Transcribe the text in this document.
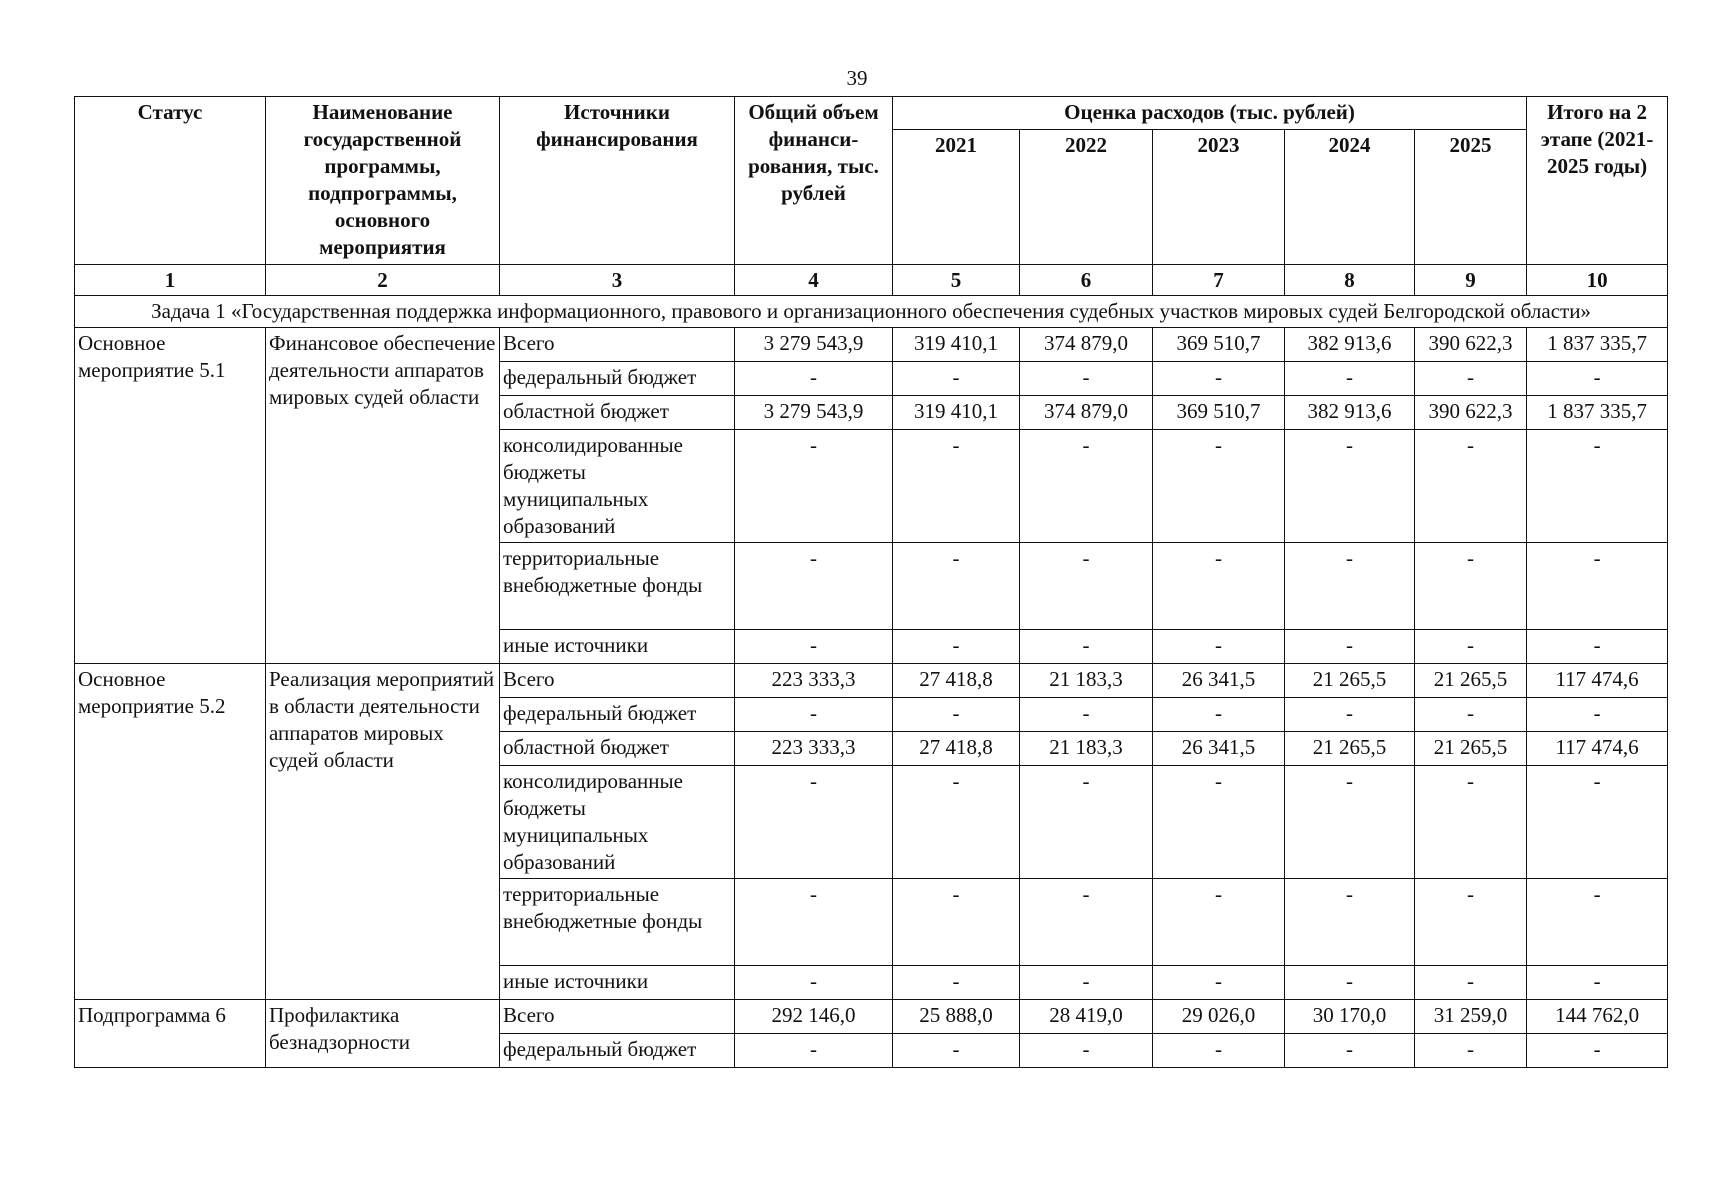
39
Статус	Наименование государственной программы, подпрограммы, основного мероприятия	Источники финансирования	Общий объем финанси-рования, тыс. рублей	Оценка расходов (тыс. рублей)					Итого на 2 этапе (2021-2025 годы)
				2021	2022	2023	2024	2025	
1	2	3	4	5	6	7	8	9	10
Задача 1 «Государственная поддержка информационного, правового и организационного обеспечения судебных участков мировых судей Белгородской области»									
Основное мероприятие 5.1	Финансовое обеспечение деятельности аппаратов мировых судей области	Всего	3 279 543,9	319 410,1	374 879,0	369 510,7	382 913,6	390 622,3	1 837 335,7
		федеральный бюджет	-	-	-	-	-	-	-
		областной бюджет	3 279 543,9	319 410,1	374 879,0	369 510,7	382 913,6	390 622,3	1 837 335,7
		консолидированные бюджеты муниципальных образований	-	-	-	-	-	-	-
		территориальные внебюджетные фонды	-	-	-	-	-	-	-
		иные источники	-	-	-	-	-	-	-
Основное мероприятие 5.2	Реализация мероприятий в области деятельности аппаратов мировых судей области	Всего	223 333,3	27 418,8	21 183,3	26 341,5	21 265,5	21 265,5	117 474,6
		федеральный бюджет	-	-	-	-	-	-	-
		областной бюджет	223 333,3	27 418,8	21 183,3	26 341,5	21 265,5	21 265,5	117 474,6
		консолидированные бюджеты муниципальных образований	-	-	-	-	-	-	-
		территориальные внебюджетные фонды	-	-	-	-	-	-	-
		иные источники	-	-	-	-	-	-	-
Подпрограмма 6	Профилактика безнадзорности	Всего	292 146,0	25 888,0	28 419,0	29 026,0	30 170,0	31 259,0	144 762,0
		федеральный бюджет	-	-	-	-	-	-	-
